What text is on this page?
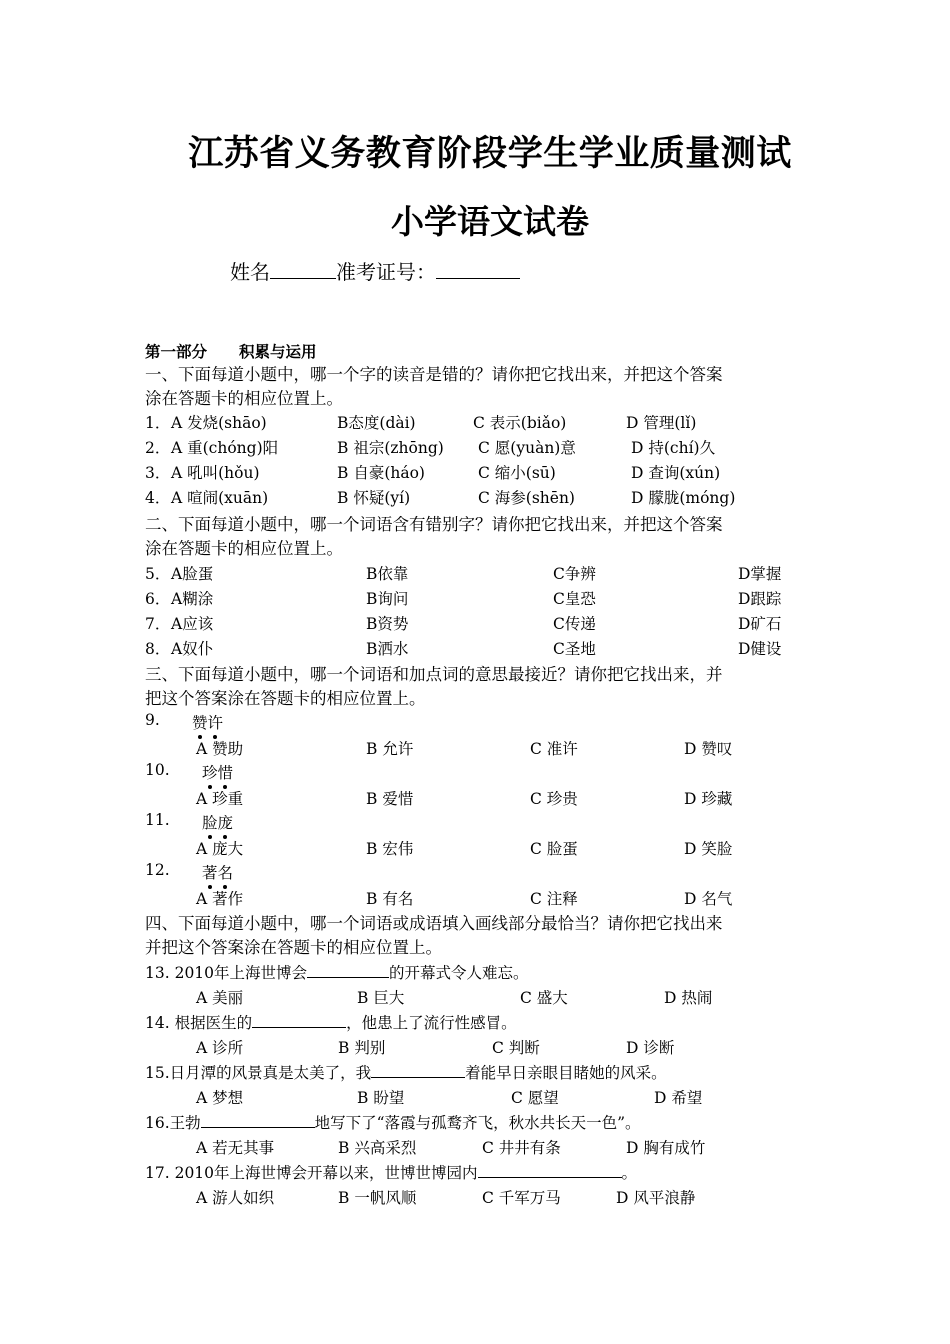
江苏省义务教育阶段学生学业质量测试
小学语文试卷
姓名	准考证号：
第一部分 积累与运用
一、下面每道小题中，哪一个字的读音是错的？请你把它找出来，并把这个答案
涂在答题卡的相应位置上。
1． A 发烧(shāo)	B态度(dài)	C 表示(biǎo)	D 管理(lǐ)
2． A 重(chóng)阳	B 祖宗(zhōng) C 愿(yuàn)意	D 持(chí)久
3． A 吼叫(hǒu)	B 自豪(háo)	C 缩小(sū)	D 查询(xún)
4． A 喧闹(xuān)	B 怀疑(yí)	C 海参(shēn)	D 朦胧(móng)
二、下面每道小题中，哪一个词语含有错别字？请你把它找出来，并把这个答案
涂在答题卡的相应位置上。
5． A脸蛋	B依靠	C争辨	D掌握
6． A糊涂	B询问	C皇恐	D跟踪
7． A应该	B资势	C传递	D矿石
8． A奴仆	B洒水	C圣地	D健设
三、下面每道小题中，哪一个词语和加点词的意思最接近？请你把它找出来，并
把这个答案涂在答题卡的相应位置上。
9. 赞许
A 赞助	B 允许	C 准许	D 赞叹
10. 珍惜
A 珍重	B 爱惜	C 珍贵	D 珍藏
11. 脸庞
A 庞大	B 宏伟	C 脸蛋	D 笑脸
12. 著名
A 著作	B 有名	C 注释	D 名气
四、下面每道小题中，哪一个词语或成语填入画线部分最恰当？请你把它找出来
并把这个答案涂在答题卡的相应位置上。
13. 2010年上海世博会	的开幕式令人难忘。
A 美丽	B 巨大	C 盛大	D 热闹
14. 根据医生的	，他患上了流行性感冒。
A 诊所	B 判别	C 判断	D 诊断
15.日月潭的风景真是太美了，我	着能早日亲眼目睹她的风采。
A 梦想	B 盼望	C 愿望	D 希望
16.王勃	地写下了“落霞与孤鹜齐飞，秋水共长天一色”。
A 若无其事	B 兴高采烈	C 井井有条	D 胸有成竹
17. 2010年上海世博会开幕以来，世博世博园内	。
A 游人如织	B 一帆风顺	C 千军万马	D 风平浪静
